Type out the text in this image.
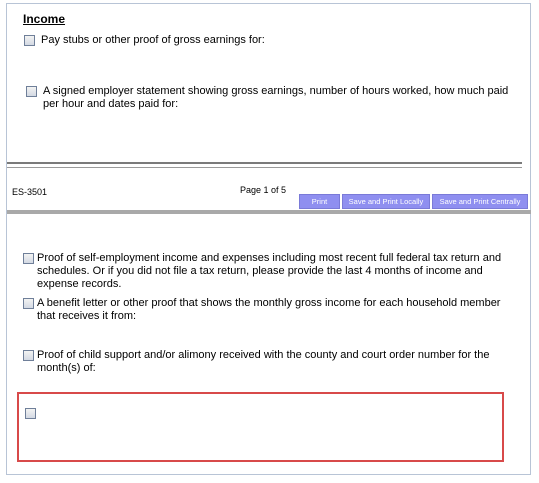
Income
Pay stubs or other proof of gross earnings for:
A signed employer statement showing gross earnings, number of hours worked, how much paid per hour and dates paid for:
ES-3501	Page 1 of 5
Print	Save and Print Locally	Save and Print Centrally
Proof of self-employment income and expenses including most recent full federal tax return and schedules. Or if you did not file a tax return, please provide the last 4 months of income and expense records.
A benefit letter or other proof that shows the monthly gross income for each household member that receives it from:
Proof of child support and/or alimony received with the county and court order number for the month(s) of:
